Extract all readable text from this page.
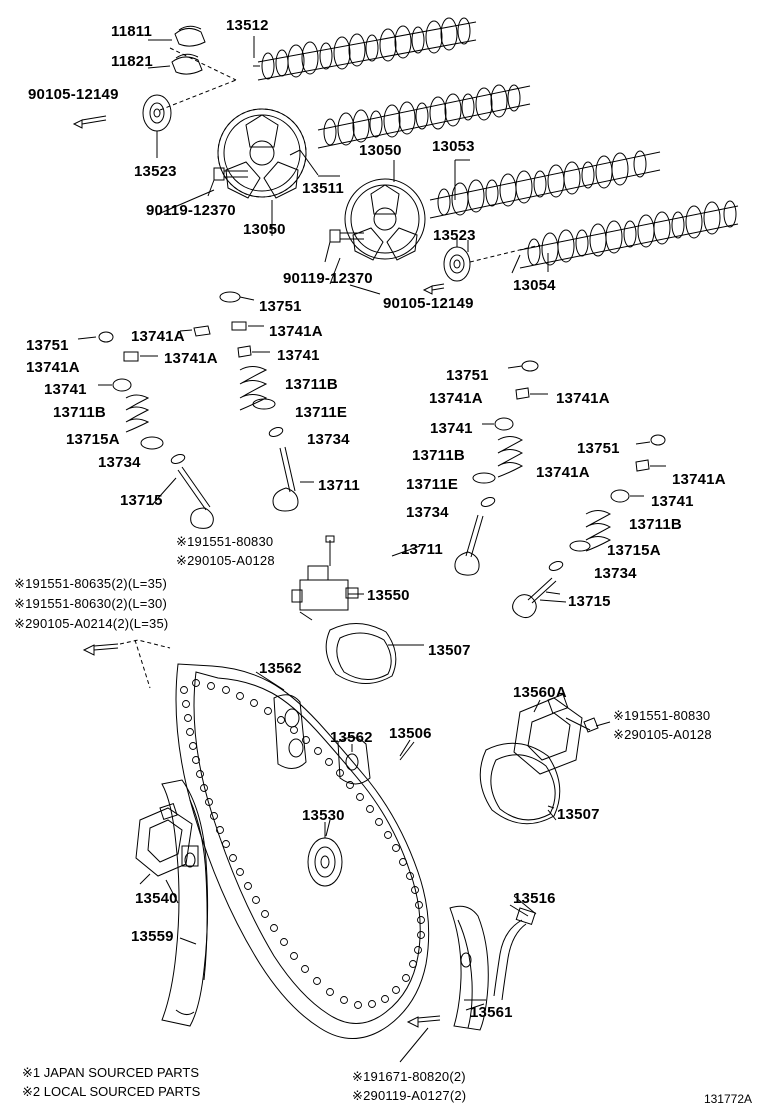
11811	13512
11821
90105-12149
13523
13050 13053
13511
90119-12370
13050	13523
90119-12370
90105-12149
13054
13751
13741A	13741A
13751
13741A
13741A	13741
13741	13711B
13711B	13711E
13715A	13734
13734
13711
13715
13751
13741A	13741A
13741
13751
13711B
13741A	13741A
13711E
13741
13734
13711B
13711	13715A
13734
13715
※191551-80830
※290105-A0128
※191551-80635(2)(L=35)
※191551-80630(2)(L=30)
※290105-A0214(2)(L=35)
13550
13507
13562
13560A
13562
※191551-80830
※290105-A0128
13506
13530	13507
13516
13540
13559
13561
※191671-80820(2)
※290119-A0127(2)
※1 JAPAN SOURCED PARTS
※2 LOCAL SOURCED PARTS	131772A
